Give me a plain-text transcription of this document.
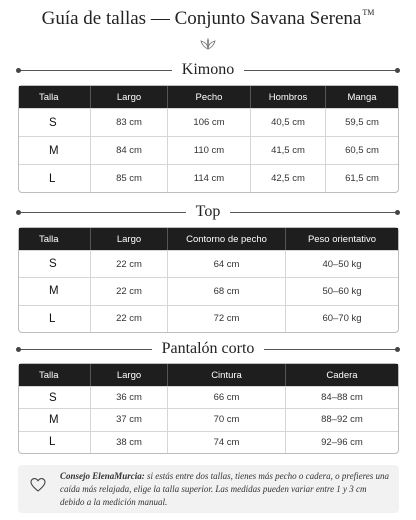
Guía de tallas — Conjunto Savana Serena™
Kimono
Talla	Largo	Pecho	Hombros	Manga
S	83 cm	106 cm	40,5 cm	59,5 cm
M	84 cm	110 cm	41,5 cm	60,5 cm
L	85 cm	114 cm	42,5 cm	61,5 cm
Top
Talla	Largo	Contorno de pecho	Peso orientativo
S	22 cm	64 cm	40–50 kg
M	22 cm	68 cm	50–60 kg
L	22 cm	72 cm	60–70 kg
Pantalón corto
Talla	Largo	Cintura	Cadera
S	36 cm	66 cm	84–88 cm
M	37 cm	70 cm	88–92 cm
L	38 cm	74 cm	92–96 cm
Consejo ElenaMurcia: si estás entre dos tallas, tienes más pecho o cadera, o prefieres una caída más relajada, elige la talla superior. Las medidas pueden variar entre 1 y 3 cm debido a la medición manual.
